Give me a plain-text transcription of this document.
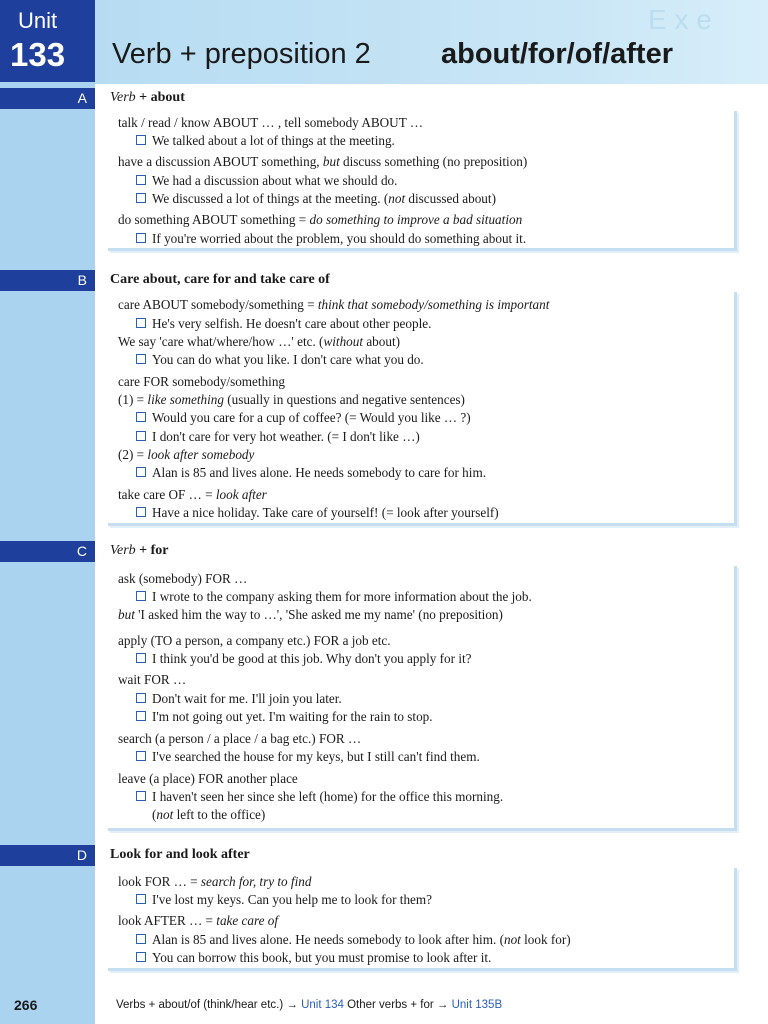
E x e
Unit
133 Verb + preposition 2 about/for/of/after
A Verb + about
talk / read / know ABOUT … , tell somebody ABOUT …
We talked about a lot of things at the meeting.
have a discussion ABOUT something, but discuss something (no preposition)
We had a discussion about what we should do.
We discussed a lot of things at the meeting. (not discussed about)
do something ABOUT something = do something to improve a bad situation
If you're worried about the problem, you should do something about it.
B Care about, care for and take care of
care ABOUT somebody/something = think that somebody/something is important
He's very selfish. He doesn't care about other people.
We say 'care what/where/how …' etc. (without about)
You can do what you like. I don't care what you do.
care FOR somebody/something
(1) = like something (usually in questions and negative sentences)
Would you care for a cup of coffee? (= Would you like … ?)
I don't care for very hot weather. (= I don't like …)
(2) = look after somebody
Alan is 85 and lives alone. He needs somebody to care for him.
take care OF … = look after
Have a nice holiday. Take care of yourself! (= look after yourself)
C Verb + for
ask (somebody) FOR …
I wrote to the company asking them for more information about the job.
but 'I asked him the way to …', 'She asked me my name' (no preposition)
apply (TO a person, a company etc.) FOR a job etc.
I think you'd be good at this job. Why don't you apply for it?
wait FOR …
Don't wait for me. I'll join you later.
I'm not going out yet. I'm waiting for the rain to stop.
search (a person / a place / a bag etc.) FOR …
I've searched the house for my keys, but I still can't find them.
leave (a place) FOR another place
I haven't seen her since she left (home) for the office this morning.
(not left to the office)
D Look for and look after
look FOR … = search for, try to find
I've lost my keys. Can you help me to look for them?
look AFTER … = take care of
Alan is 85 and lives alone. He needs somebody to look after him. (not look for)
You can borrow this book, but you must promise to look after it.
266	Verbs + about/of (think/hear etc.) → Unit 134 Other verbs + for → Unit 135B
